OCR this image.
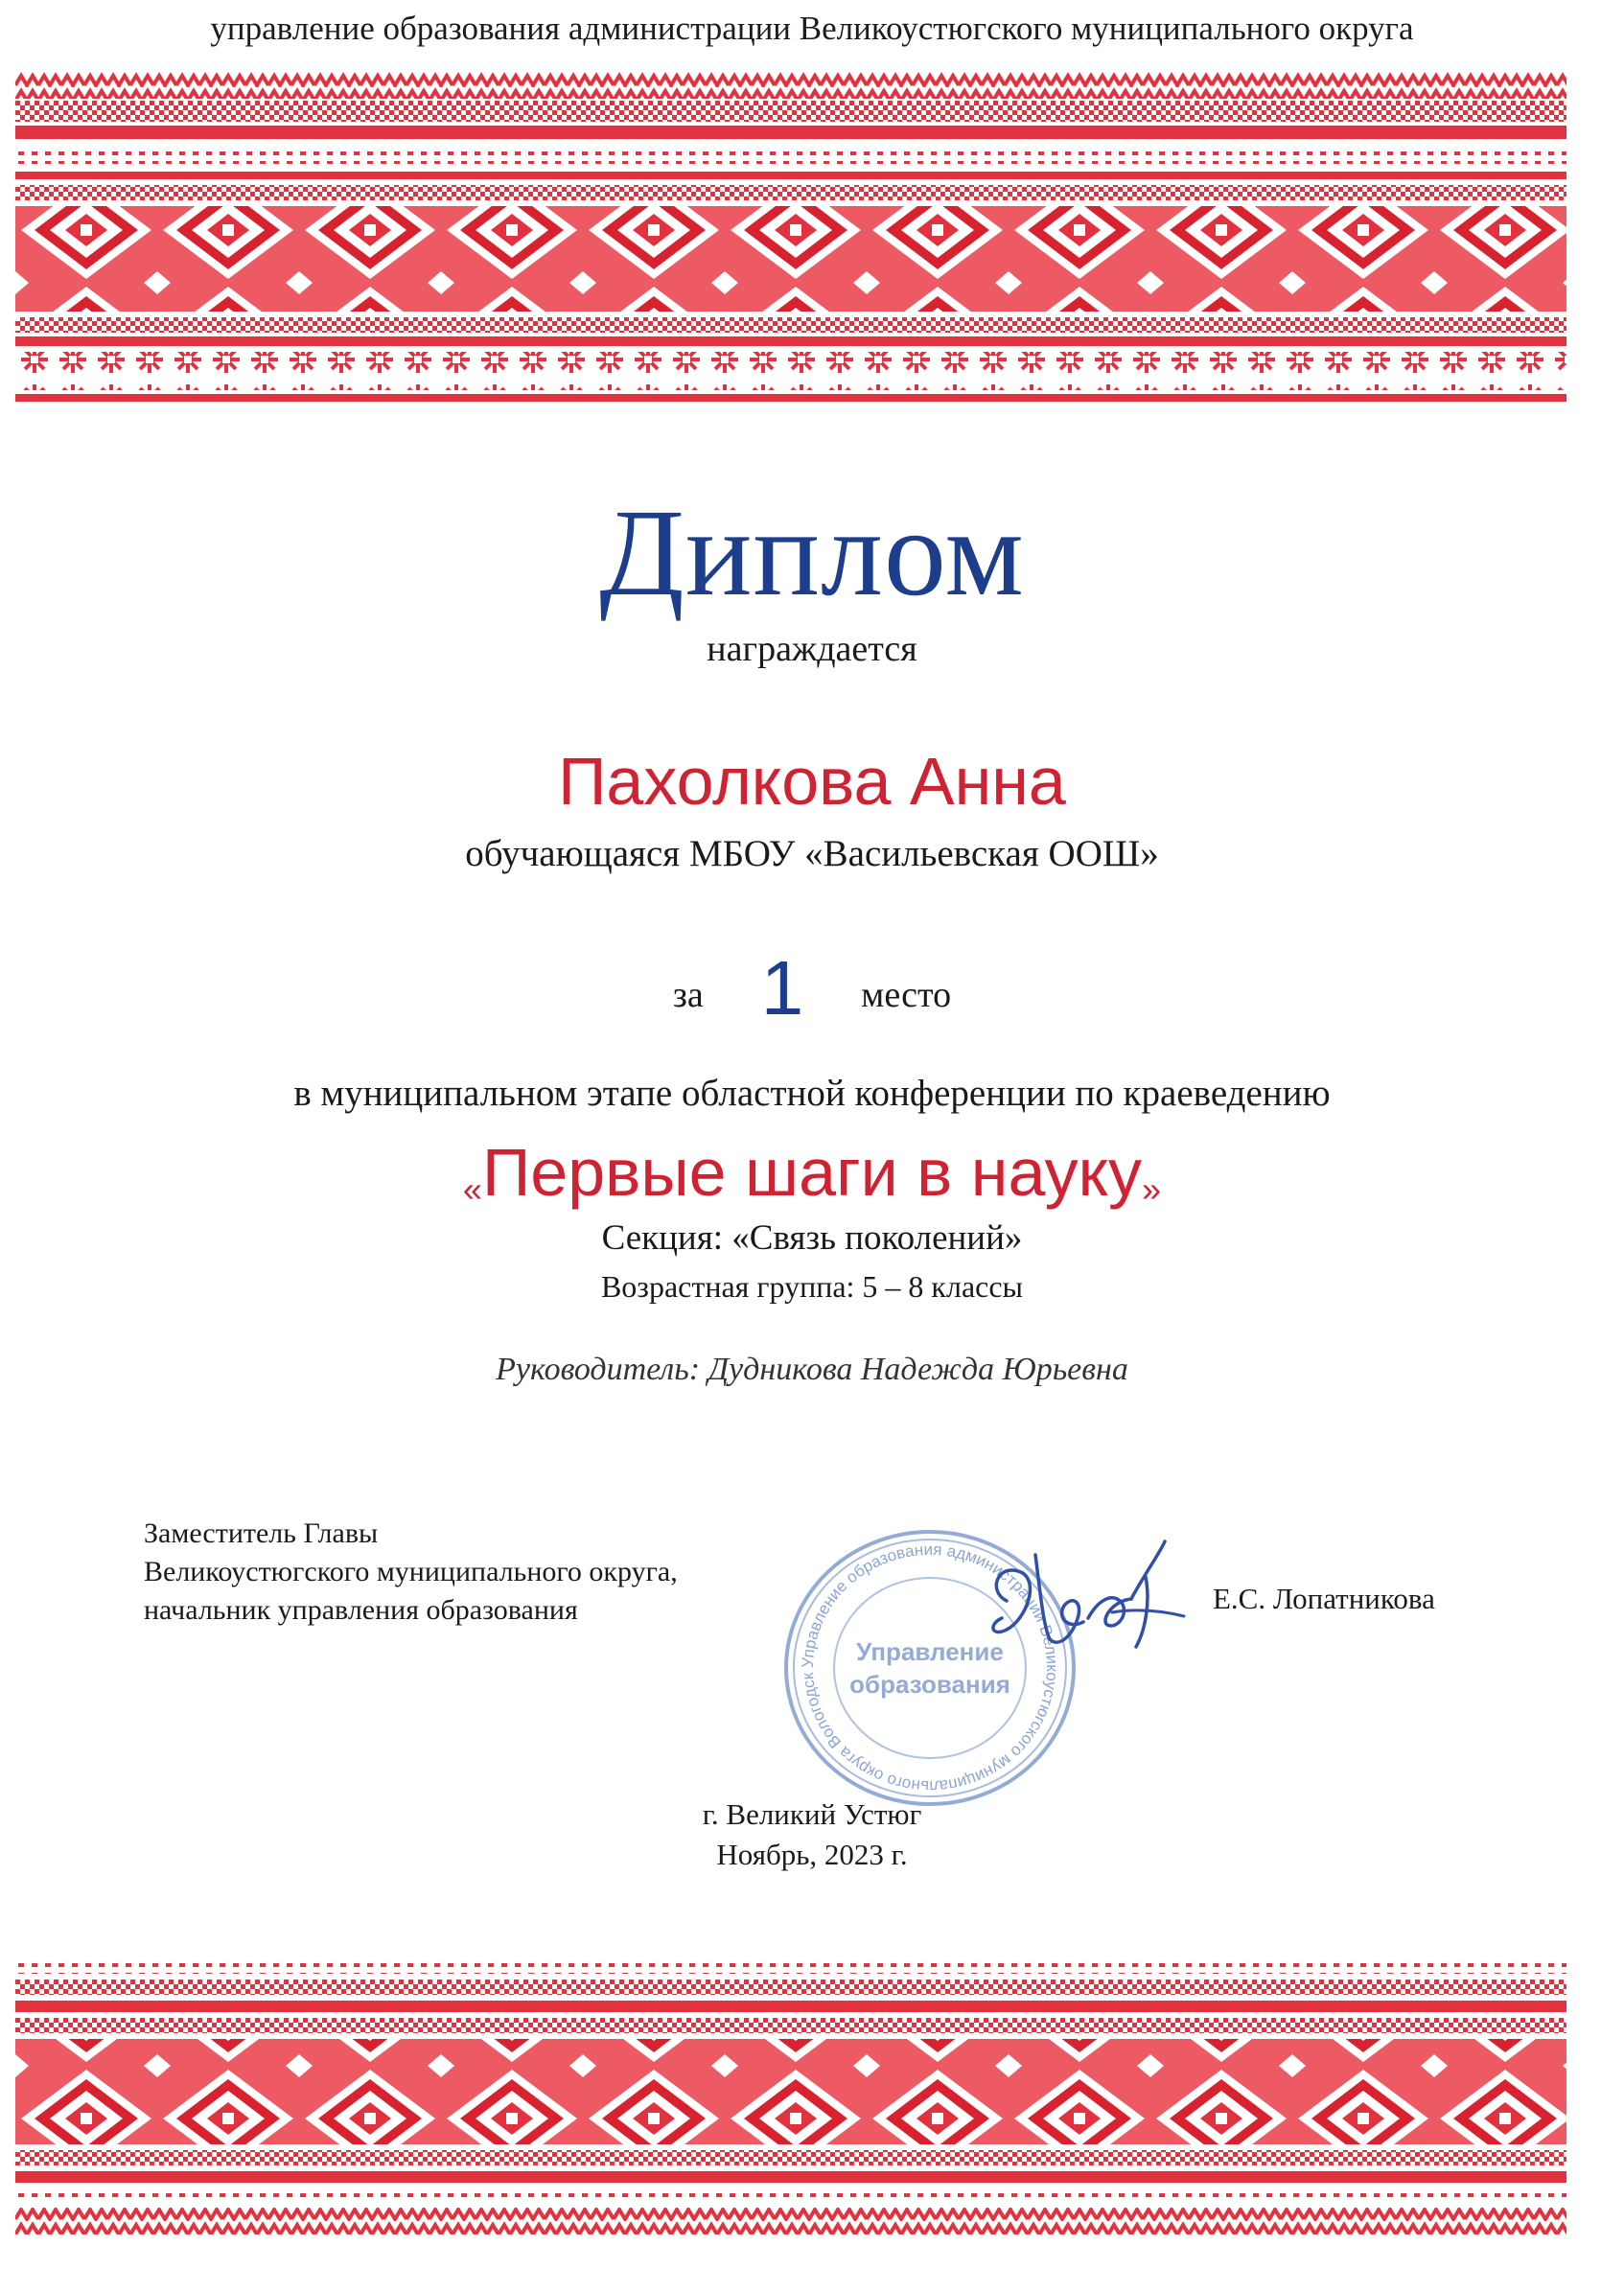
управление образования администрации Великоустюгского муниципального округа
Диплом
награждается
Пахолкова Анна
обучающаяся МБОУ «Васильевская ООШ»
за 1 место
в муниципальном этапе областной конференции по краеведению
«Первые шаги в науку»
Секция: «Связь поколений»
Возрастная группа: 5 – 8 классы
Руководитель: Дудникова Надежда Юрьевна
Заместитель Главы
Великоустюгского муниципального округа,
начальник управления образования
Управление образования администрации Великоустюгского муниципального округа Вологодск
Управление
образования
Е.С. Лопатникова
г. Великий Устюг
Ноябрь, 2023 г.
